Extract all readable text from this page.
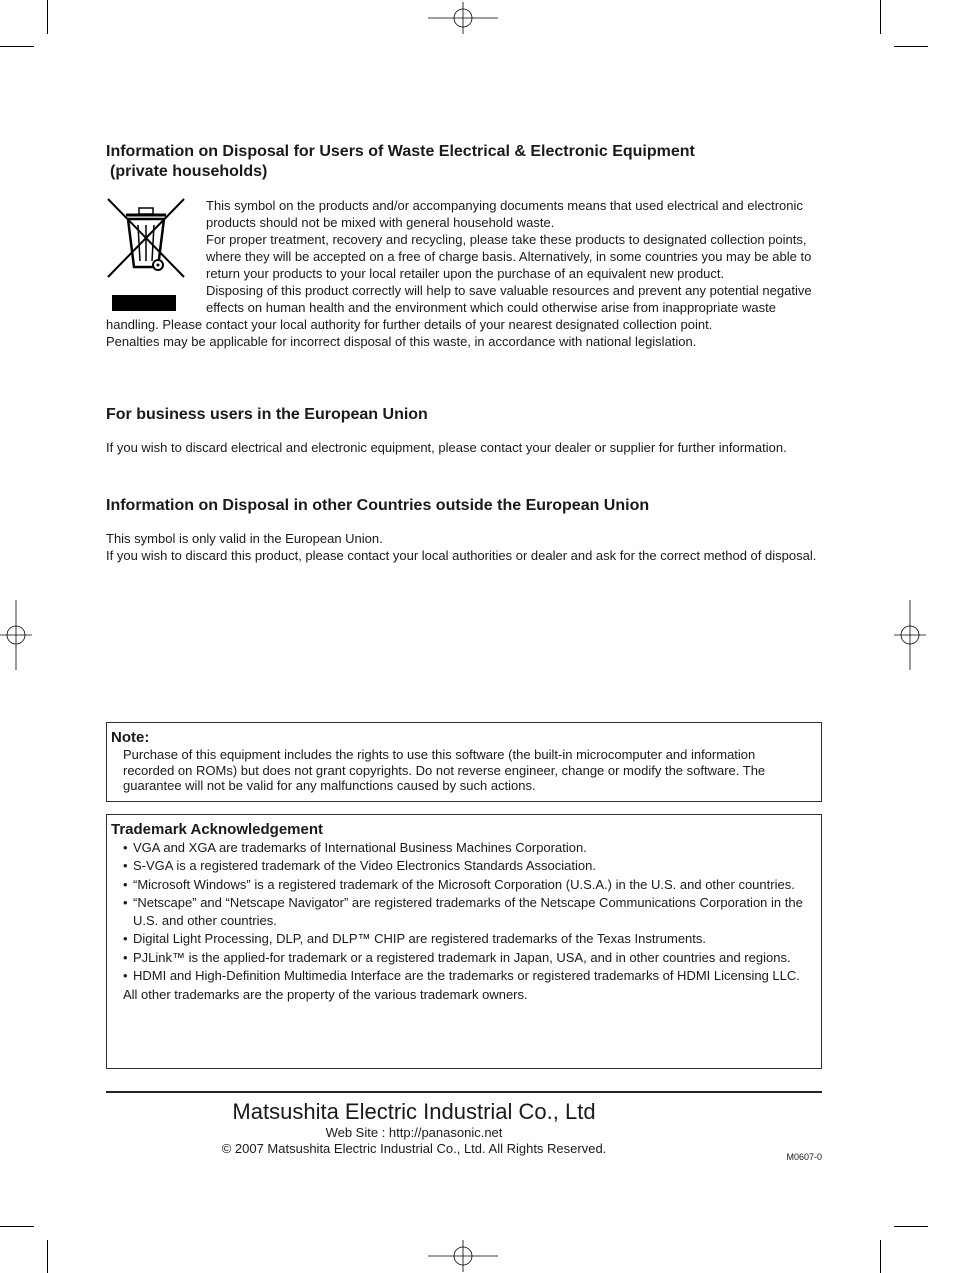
Information on Disposal for Users of Waste Electrical & Electronic Equipment
(private households)
This symbol on the products and/or accompanying documents means that used electrical and electronic products should not be mixed with general household waste.
For proper treatment, recovery and recycling, please take these products to designated collection points, where they will be accepted on a free of charge basis. Alternatively, in some countries you may be able to return your products to your local retailer upon the purchase of an equivalent new product.
Disposing of this product correctly will help to save valuable resources and prevent any potential negative effects on human health and the environment which could otherwise arise from inappropriate waste handling. Please contact your local authority for further details of your nearest designated collection point.
Penalties may be applicable for incorrect disposal of this waste, in accordance with national legislation.
For business users in the European Union
If you wish to discard electrical and electronic equipment, please contact your dealer or supplier for further information.
Information on Disposal in other Countries outside the European Union
This symbol is only valid in the European Union.
If you wish to discard this product, please contact your local authorities or dealer and ask for the correct method of disposal.
Note:
Purchase of this equipment includes the rights to use this software (the built-in microcomputer and information recorded on ROMs) but does not grant copyrights. Do not reverse engineer, change or modify the software. The guarantee will not be valid for any malfunctions caused by such actions.
Trademark Acknowledgement
• VGA and XGA are trademarks of International Business Machines Corporation.
• S-VGA is a registered trademark of the Video Electronics Standards Association.
• “Microsoft Windows” is a registered trademark of the Microsoft Corporation (U.S.A.) in the U.S. and other countries.
• “Netscape” and “Netscape Navigator” are registered trademarks of the Netscape Communications Corporation in the U.S. and other countries.
• Digital Light Processing, DLP, and DLP™ CHIP are registered trademarks of the Texas Instruments.
• PJLink™ is the applied-for trademark or a registered trademark in Japan, USA, and in other countries and regions.
• HDMI and High-Definition Multimedia Interface are the trademarks or registered trademarks of HDMI Licensing LLC.
All other trademarks are the property of the various trademark owners.
Matsushita Electric Industrial Co., Ltd
Web Site : http://panasonic.net
© 2007 Matsushita Electric Industrial Co., Ltd. All Rights Reserved.
M0607-0
